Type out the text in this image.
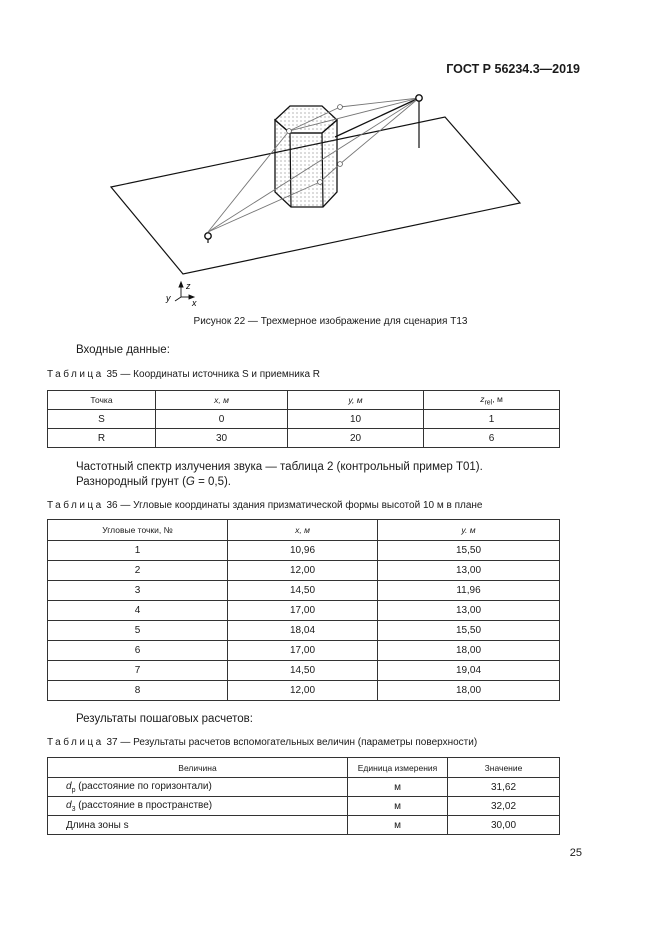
ГОСТ Р 56234.3—2019
z
y x
Рисунок 22 — Трехмерное изображение для сценария Т13
Входные данные:
Таблица 35 — Координаты источника S и приемника R
Точка	x, м	y, м	$z_{rel}$, м
S	0	10	1
R	30	20	6
Частотный спектр излучения звука — таблица 2 (контрольный пример Т01).
Разнородный грунт (G = 0,5).
Таблица 36 — Угловые координаты здания призматической формы высотой 10 м в плане
Угловые точки, №	x, м	y. м
1	10,96	15,50
2	12,00	13,00
3	14,50	11,96
4	17,00	13,00
5	18,04	15,50
6	17,00	18,00
7	14,50	19,04
8	12,00	18,00
Результаты пошаговых расчетов:
Таблица 37 — Результаты расчетов вспомогательных величин (параметры поверхности)
Величина	Единица измерения	Значение
$d_p$ (расстояние по горизонтали)	м	31,62
$d_3$ (расстояние в пространстве)	м	32,02
Длина зоны s	м	30,00
25
